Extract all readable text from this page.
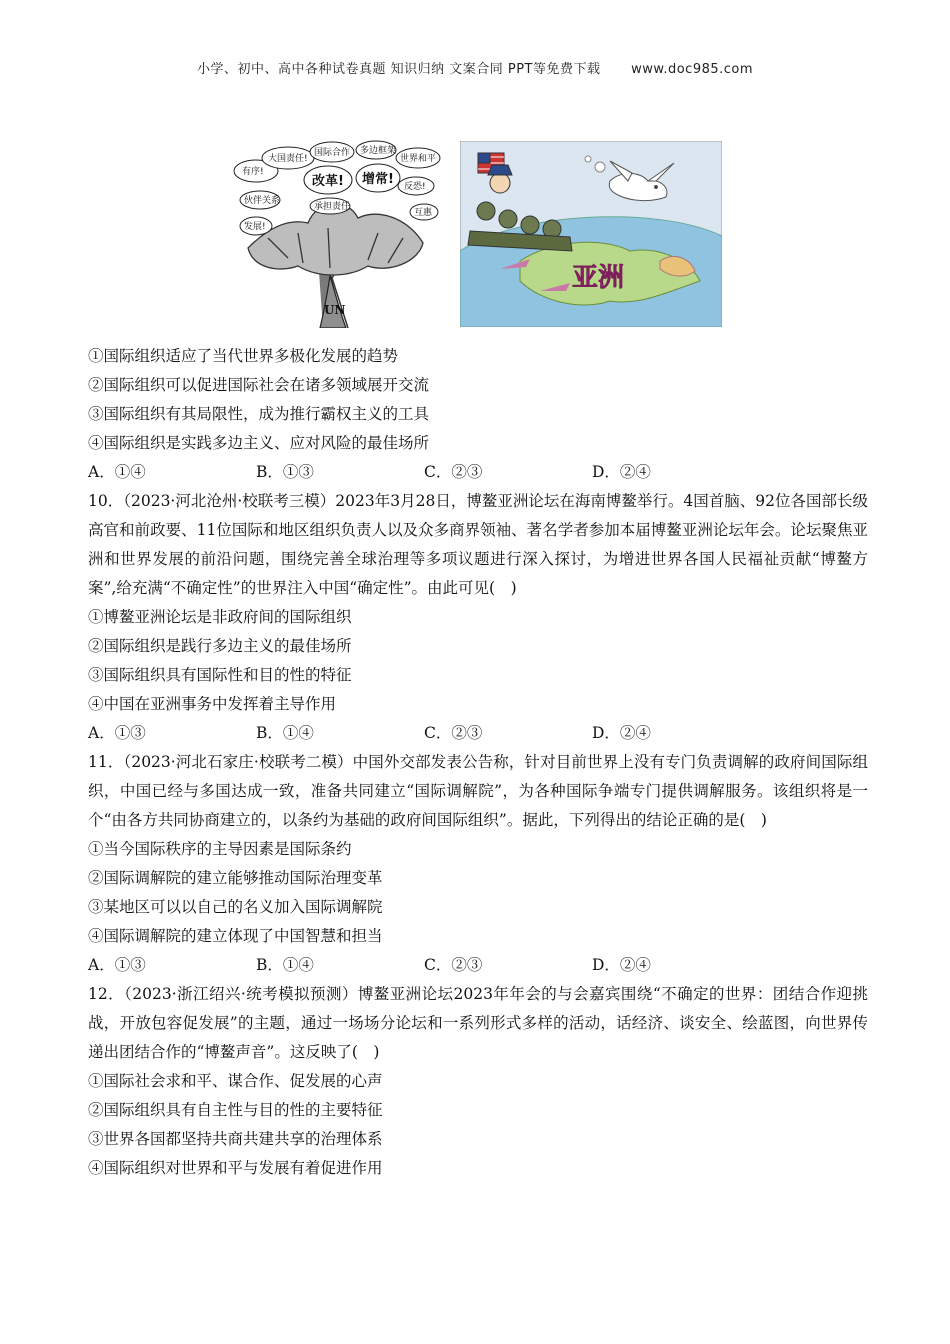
小学、初中、高中各种试卷真题 知识归纳 文案合同 PPT等免费下载 www.doc985.com
有序!
大国责任!
国际合作 多边框架
世界和平
改革! 增常!
伙伴关系
发展!
反恐!
承担责任
互惠
UN
亚洲
①国际组织适应了当代世界多极化发展的趋势
②国际组织可以促进国际社会在诸多领域展开交流
③国际组织有其局限性，成为推行霸权主义的工具
④国际组织是实践多边主义、应对风险的最佳场所
A．①④	B．①③	C．②③	D．②④
10．（2023·河北沧州·校联考三模）2023年3月28日，博鳌亚洲论坛在海南博鳌举行。4国首脑、92位各国部长级高官和前政要、11位国际和地区组织负责人以及众多商界领袖、著名学者参加本届博鳌亚洲论坛年会。论坛聚焦亚洲和世界发展的前沿问题，围绕完善全球治理等多项议题进行深入探讨，为增进世界各国人民福祉贡献“博鳌方案”,给充满“不确定性”的世界注入中国“确定性”。由此可见(　)
①博鳌亚洲论坛是非政府间的国际组织
②国际组织是践行多边主义的最佳场所
③国际组织具有国际性和目的性的特征
④中国在亚洲事务中发挥着主导作用
A．①③	B．①④	C．②③	D．②④
11．（2023·河北石家庄·校联考二模）中国外交部发表公告称，针对目前世界上没有专门负责调解的政府间国际组织，中国已经与多国达成一致，准备共同建立“国际调解院”，为各种国际争端专门提供调解服务。该组织将是一个“由各方共同协商建立的，以条约为基础的政府间国际组织”。据此，下列得出的结论正确的是(　)
①当今国际秩序的主导因素是国际条约
②国际调解院的建立能够推动国际治理变革
③某地区可以以自己的名义加入国际调解院
④国际调解院的建立体现了中国智慧和担当
A．①③	B．①④	C．②③	D．②④
12．（2023·浙江绍兴·统考模拟预测）博鳌亚洲论坛2023年年会的与会嘉宾围绕“不确定的世界：团结合作迎挑战，开放包容促发展”的主题，通过一场场分论坛和一系列形式多样的活动，话经济、谈安全、绘蓝图，向世界传递出团结合作的“博鳌声音”。这反映了(　)
①国际社会求和平、谋合作、促发展的心声
②国际组织具有自主性与目的性的主要特征
③世界各国都坚持共商共建共享的治理体系
④国际组织对世界和平与发展有着促进作用
